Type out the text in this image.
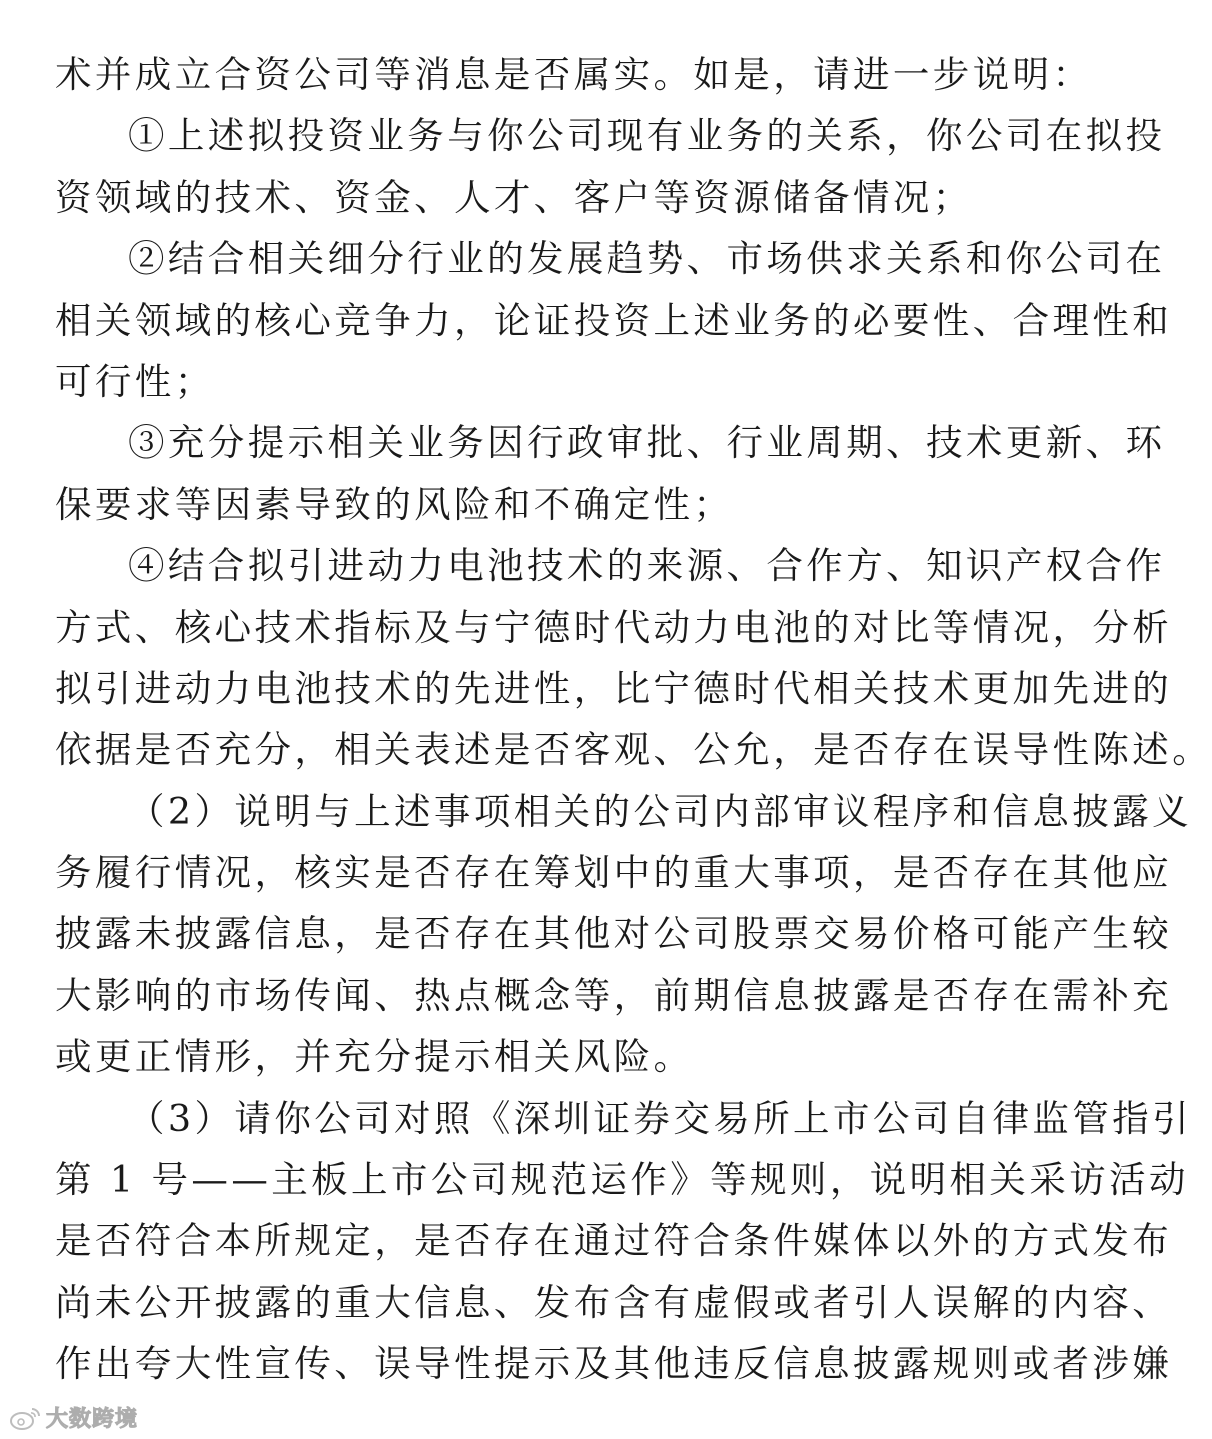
术并成立合资公司等消息是否属实。如是，请进一步说明：
①上述拟投资业务与你公司现有业务的关系，你公司在拟投
资领域的技术、资金、人才、客户等资源储备情况；
②结合相关细分行业的发展趋势、市场供求关系和你公司在
相关领域的核心竞争力，论证投资上述业务的必要性、合理性和
可行性；
③充分提示相关业务因行政审批、行业周期、技术更新、环
保要求等因素导致的风险和不确定性；
④结合拟引进动力电池技术的来源、合作方、知识产权合作
方式、核心技术指标及与宁德时代动力电池的对比等情况，分析
拟引进动力电池技术的先进性，比宁德时代相关技术更加先进的
依据是否充分，相关表述是否客观、公允，是否存在误导性陈述。
（2）说明与上述事项相关的公司内部审议程序和信息披露义
务履行情况，核实是否存在筹划中的重大事项，是否存在其他应
披露未披露信息，是否存在其他对公司股票交易价格可能产生较
大影响的市场传闻、热点概念等，前期信息披露是否存在需补充
或更正情形，并充分提示相关风险。
（3）请你公司对照《深圳证券交易所上市公司自律监管指引
第 1 号——主板上市公司规范运作》等规则，说明相关采访活动
是否符合本所规定，是否存在通过符合条件媒体以外的方式发布
尚未公开披露的重大信息、发布含有虚假或者引人误解的内容、
作出夸大性宣传、误导性提示及其他违反信息披露规则或者涉嫌
大数跨境
